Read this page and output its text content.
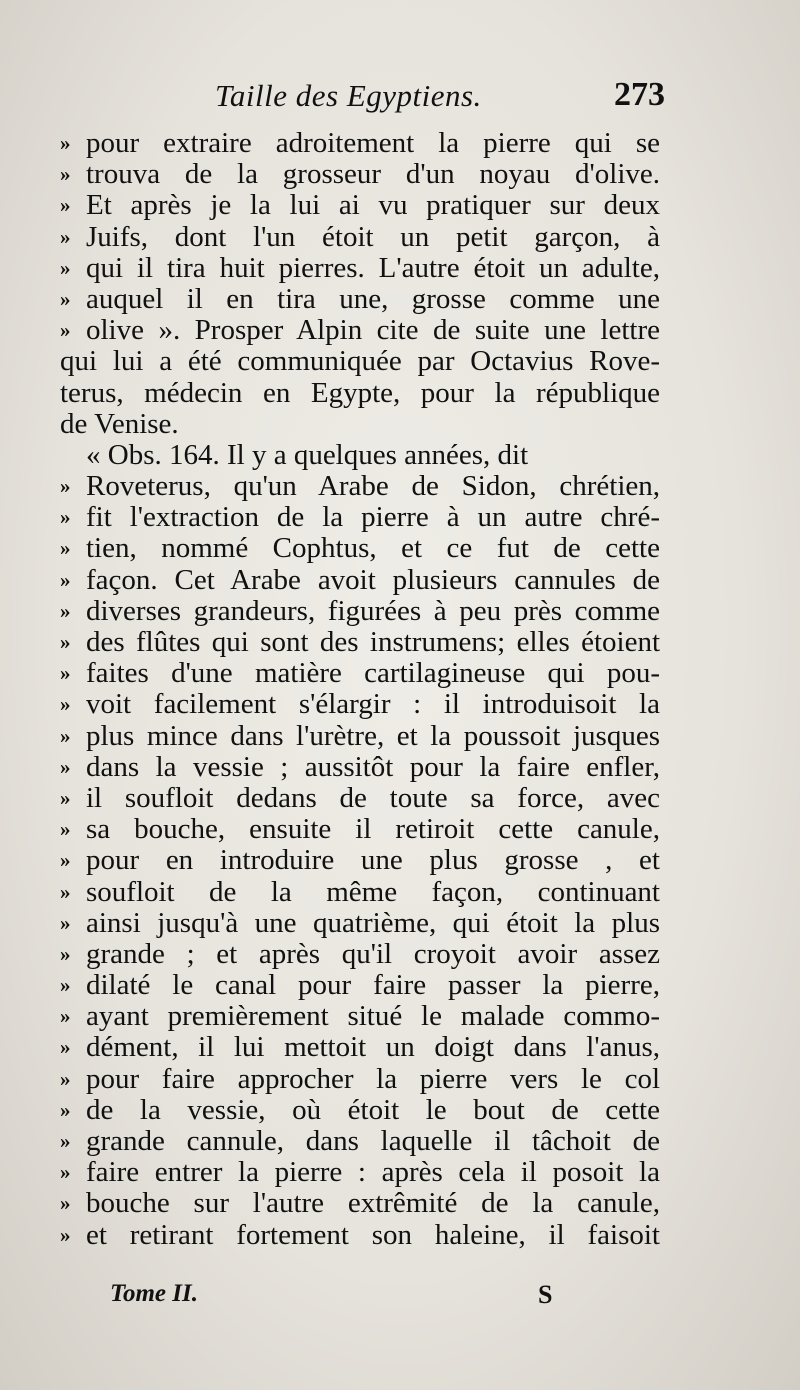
Taille des Egyptiens.	273
» pour extraire adroitement la pierre qui se
» trouva de la grosseur d'un noyau d'olive.
» Et après je la lui ai vu pratiquer sur deux
» Juifs, dont l'un étoit un petit garçon, à
» qui il tira huit pierres. L'autre étoit un adulte,
» auquel il en tira une, grosse comme une
» olive ». Prosper Alpin cite de suite une lettre
qui lui a été communiquée par Octavius Rove-
terus, médecin en Egypte, pour la république
de Venise.
« Obs. 164. Il y a quelques années, dit
» Roveterus, qu'un Arabe de Sidon, chrétien,
» fit l'extraction de la pierre à un autre chré-
» tien, nommé Cophtus, et ce fut de cette
» façon. Cet Arabe avoit plusieurs cannules de
» diverses grandeurs, figurées à peu près comme
» des flûtes qui sont des instrumens; elles étoient
» faites d'une matière cartilagineuse qui pou-
» voit facilement s'élargir : il introduisoit la
» plus mince dans l'urètre, et la poussoit jusques
» dans la vessie ; aussitôt pour la faire enfler,
» il soufloit dedans de toute sa force, avec
» sa bouche, ensuite il retiroit cette canule,
» pour en introduire une plus grosse , et
» soufloit de la même façon, continuant
» ainsi jusqu'à une quatrième, qui étoit la plus
» grande ; et après qu'il croyoit avoir assez
» dilaté le canal pour faire passer la pierre,
» ayant premièrement situé le malade commo-
» dément, il lui mettoit un doigt dans l'anus,
» pour faire approcher la pierre vers le col
» de la vessie, où étoit le bout de cette
» grande cannule, dans laquelle il tâchoit de
» faire entrer la pierre : après cela il posoit la
» bouche sur l'autre extrêmité de la canule,
» et retirant fortement son haleine, il faisoit
Tome II.	S
